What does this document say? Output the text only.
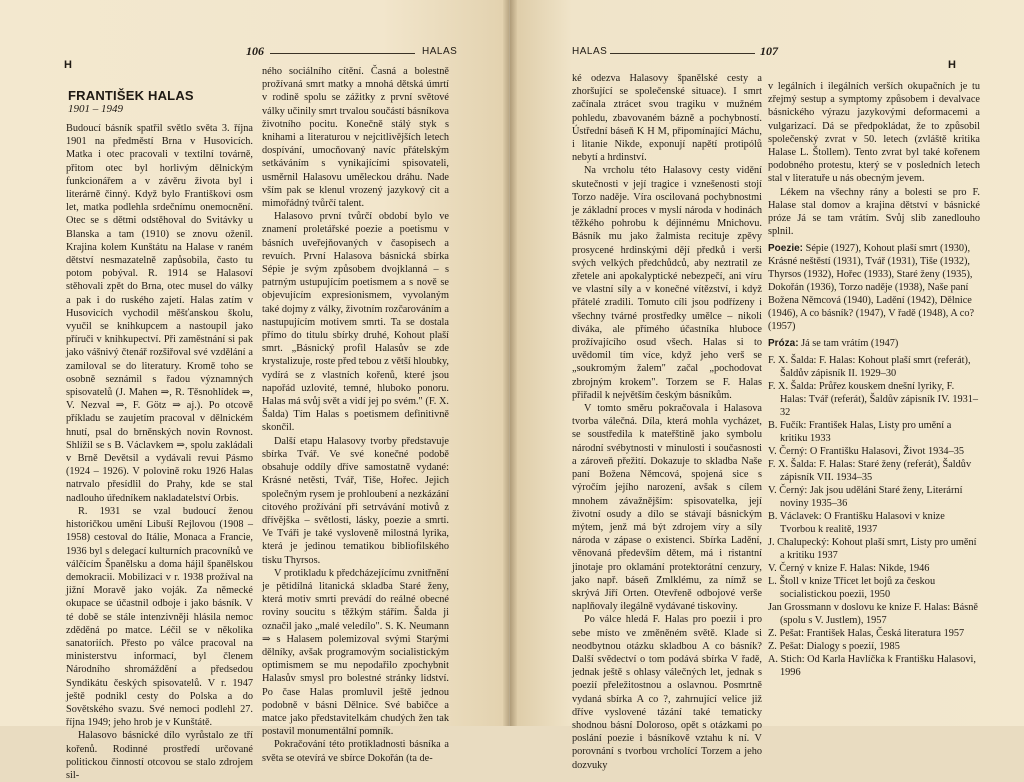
H
106	HALAS
FRANTIŠEK HALAS
1901 – 1949

Budoucí básník spatřil světlo světa 3. října 1901 na předměstí Brna v Husovicích. Matka i otec pracovali v textilní továrně, přitom otec byl horlivým dělnickým funkcionářem a v závěru života byl i literárně činný. Když bylo Františkovi osm let, matka podlehla srdečnímu onemocnění. Otec se s dětmi odstěhoval do Svitávky u Blanska a tam (1910) se znovu oženil. Krajina kolem Kunštátu na Halase v raném dětství nesmazatelně zapůsobila, často tu potom pobýval. R. 1914 se Halasoví stěhovali zpět do Brna, otec musel do války a pak i do ruského zajetí. Halas zatím v Husovicích vychodil měšťanskou školu, vyučil se knihkupcem a nastoupil jako příruči v knihkupectví. Při zaměstnání si pak jako vášnivý čtenář rozšiřoval své vzdělání a zamiloval se do literatury. Kromě toho se osobně seznámil s řadou významných spisovatelů (J. Mahen ⇒, R. Těsnohlídek ⇒, V. Nezval ⇒, F. Götz ⇒ aj.). Po otcově příkladu se zaujetím pracoval v dělnickém hnutí, psal do brněnských novin Rovnost. Shlížil se s B. Václavkem ⇒, spolu zakládali v Brně Devětsil a vydávali revui Pásmo (1924 – 1926). V polovině roku 1926 Halas natrvalo přesídlil do Prahy, kde se stal nadlouho úředníkem nakladatelství Orbis.

R. 1931 se vzal budoucí ženou historičkou umění Libuší Rejlovou (1908 – 1958) cestoval do Itálie, Monaca a Francie, 1936 byl s delegací kulturních pracovníků ve válčícím Španělsku a doma hájil španělskou demokracii. Mobilizaci v r. 1938 prožíval na jižní Moravě jako voják. Za německé okupace se účastnil odboje i jako básník. V té době se stále intenzivněji hlásila nemoc zděděná po matce. Léčil se v několika sanatoriích. Přesto po válce pracoval na ministerstvu informací, byl členem Národního shromáždění a předsedou Syndikátu českých spisovatelů. V r. 1947 ještě podnikl cesty do Polska a do Sovětského svazu. Své nemoci podlehl 27. října 1949; jeho hrob je v Kunštátě.

Halasovo básnické dílo vyrůstalo ze tří kořenů. Rodinné prostředí určované politickou činností otcovou se stalo zdrojem sil-

ného sociálního cítění. Časná a bolestně prožívaná smrt matky a mnohá dětská úmrtí v rodině spolu se zážitky z první světové války učinily smrt trvalou součástí básníkova životního pocitu. Konečně stálý styk s knihami a literaturou v nejcitlivějších letech dospívání, umocňovaný navíc přátelským setkáváním s vynikajícími spisovateli, usměrnil Halasovu uměleckou dráhu. Nade vším pak se klenul vrozený jazykový cit a mimořádný tvůrčí talent.

Halasovo první tvůrčí období bylo ve znamení proletářské poezie a poetismu v básních uveřejňovaných v časopisech a revuích. První Halasova básnická sbírka Sépie je svým způsobem dvojklanná – s patrným ustupujícím poetismem a s nově se objevujícím expresionismem, vyvolaným také dojmy z války, životním rozčarováním a nastupujícím motivem smrti. Ta se dostala přímo do titulu sbírky druhé, Kohout plaší smrt. „Básnický profil Halasův se zde krystalizuje, roste před tebou z větší hloubky, vydírá se z vlastních kořenů, které jsou napořád uzlovité, temné, hluboko ponoru. Halas má svůj svět a vidí jej po svém." (F. X. Šalda) Tím Halas s poetismem definitivně skončil.

Další etapu Halasovy tvorby představuje sbírka Tvář. Ve své konečné podobě obsahuje oddíly dříve samostatně vydané: Krásné netěsti, Tvář, Tiše, Hořec. Jejich společným rysem je prohloubení a nezkázání citového prožívání při setrvávání motivů z dřívějška – světlosti, lásky, poezie a smrti. Ve Tváři je také vysloveně milostná lyrika, která je jedinou tematikou bibliofilského tisku Thyrsos.

V protikladu k předcházejícímu zvnitřnění je pětidílná litanická skladba Staré ženy, která motiv smrti prevádí do reálné obecné roviny soucitu s těžkým stářím. Šalda ji označil jako „malé veledílo". S. K. Neumann ⇒ s Halasem polemizoval svými Starými dělníky, avšak programovým socialistickým optimismem se mu nepodařilo zpochybnit Halasův smysl pro bolestné stránky lidství. Po čase Halas promluvil ještě jednou podobně v básni Dělnice. Své babičce a matce jako představitelkám chudých žen tak postavil monumentální pomník.

Pokračování této protikladnosti básníka a světa se otevírá ve sbírce Dokořán (ta de-

HALAS	107
H

ké odezva Halasovy španělské cesty a zhoršující se společenské situace). I smrt začínala ztrácet svou tragiku v mužném pohledu, zbavovaném bázně a pochybností. Ústřední báseň K H M, připomínající Máchu, i litanie Nikde, exponují napětí protipólů nebytí a hrdinství.

Na vrcholu této Halasovy cesty vidění skutečnosti v její tragice i vznešenosti stojí Torzo naděje. Víra oscilovaná pochybnostmi je základní proces v myslí národa v hodinách těžkého pohrobu k déjinnému Mnichovu. Básník mu jako žalmista recituje zpěvy prosycené hrdinskými dějí předků i verši svých velkých předchůdců, aby neztratil ze zřetele ani apokalyptické nebezpečí, ani víru ve vlastní síly a v konečné vítězství, i když přátelé zradili. Tomuto cíli jsou podřízeny i všechny tvárné prostředky umělce – nikoli diváka, ale přímého účastníka hluboce prožívajícího osud všech. Halas si to uvědomil tím více, když jeho verš se „soukromým žalem" začal „pochodovat zbrojným krokem". Torzem se F. Halas přiřadil k největším českým básníkům.

V tomto směru pokračovala i Halasova tvorba válečná. Díla, která mohla vycházet, se soustředila k mateřštině jako symbolu národní svébytnosti v minulosti i současnosti a zároveň přežití. Dokazuje to skladba Naše paní Božena Němcová, spojená sice s výročím jejího narození, avšak s cílem mnohem závažnějším: spisovatelka, její životní osudy a dílo se stávají básnickým mýtem, jenž má být zdrojem víry a síly národa v zápase o existenci. Sbírka Ladění, věnovaná především dětem, má i ristantní jinotaje pro oklamání protektorátní cenzury, jako např. báseň Zmlklému, za nímž se skrývá Jiří Orten. Otevřeně odbojové verše naplňovaly ilegálně vydávané tiskoviny.

Po válce hledá F. Halas pro poezii i pro sebe místo ve změněném světě. Klade si neodbytnou otázku skladbou A co básník? Další svědectví o tom podává sbírka V řadě, jednak ještě s ohlasy válečných let, jednak s poezií přeležitostnou a oslavnou. Posmrtně vydaná sbírka A co ?, zahrnující velice již dříve vyslovené tázání také tematicky shodnou básní Doloroso, opět s otázkami po poslání poezie i básníkově vztahu k ní. V porovnání s tvorbou vrcholící Torzem a jeho dozvuky

v legálních i ilegálních verších okupačních je tu zřejmý sestup a symptomy způsobem i devalvace básnického výrazu jazykovými deformacemi a vulgarizací. Dá se předpokládat, že to způsobil společenský zvrat v 50. letech (zvláště kritika Halase L. Štollem). Tento zvrat byl také kořenem podobného protestu, který se v posledních letech stal v literatuře u nás obecným jevem.

Lékem na všechny rány a bolesti se pro F. Halase stal domov a krajina dětství v básnické próze Já se tam vrátím. Svůj slib zanedlouho splnil.

Poezie: Sépie (1927), Kohout plaší smrt (1930), Krásné neštěstí (1931), Tvář (1931), Tiše (1932), Thyrsos (1932), Hořec (1933), Staré ženy (1935), Dokořán (1936), Torzo naděje (1938), Naše paní Božena Němcová (1940), Ladění (1942), Dělnice (1946), A co básník? (1947), V řadě (1948), A co? (1957)
Próza: Já se tam vrátím (1947)
F. X. Šalda: F. Halas: Kohout plaší smrt (referát), Šaldův zápisník II. 1929–30
F. X. Šalda: Průřez kouskem dnešní lyriky, F. Halas: Tvář (referát), Šaldův zápisník IV. 1931–32
B. Fučík: František Halas, Listy pro umění a kritiku 1933
V. Černý: O Františku Halasovi, Život 1934–35
F. X. Šalda: F. Halas: Staré ženy (referát), Šaldův zápisník VII. 1934–35
V. Černý: Jak jsou uděláni Staré ženy, Literární noviny 1935–36
B. Václavek: O Františku Halasovi v knize Tvorbou k realitě, 1937
J. Chalupecký: Kohout plaší smrt, Listy pro umění a kritiku 1937
V. Černý v knize F. Halas: Nikde, 1946
L. Štoll v knize Třicet let bojů za českou socialistickou poezii, 1950
Jan Grossmann v doslovu ke knize F. Halas: Básně (spolu s V. Justlem), 1957
Z. Pešat: František Halas, Česká literatura 1957
Z. Pešat: Dialogy s poezií, 1985
A. Stich: Od Karla Havlíčka k Františku Halasovi, 1996
